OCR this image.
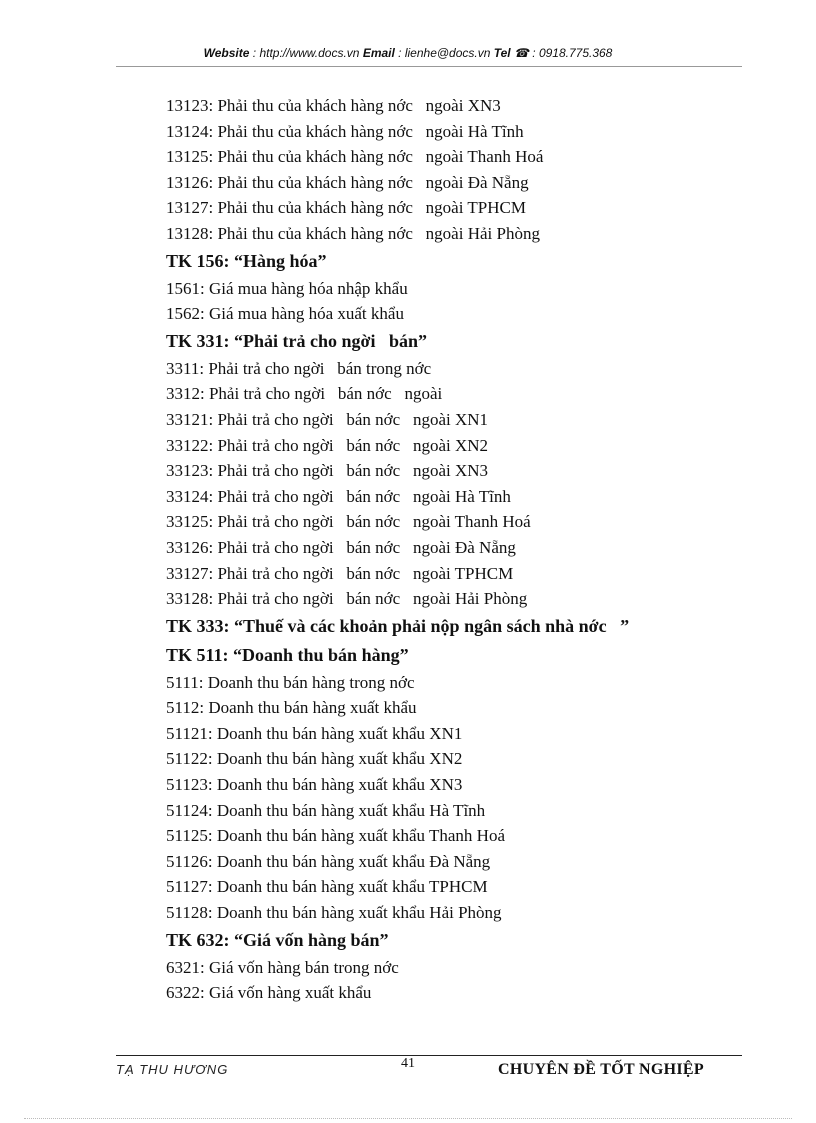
Website : http://www.docs.vn Email : lienhe@docs.vn Tel ☎ : 0918.775.368
13123: Phải thu của khách hàng nớc   ngoài XN3
13124: Phải thu của khách hàng nớc   ngoài Hà Tĩnh
13125: Phải thu của khách hàng nớc   ngoài Thanh Hoá
13126: Phải thu của khách hàng nớc   ngoài Đà Nẵng
13127: Phải thu của khách hàng nớc   ngoài TPHCM
13128: Phải thu của khách hàng nớc   ngoài Hải Phòng
TK 156: “Hàng hóa”
1561: Giá mua hàng hóa nhập khẩu
1562: Giá mua hàng hóa xuất khẩu
TK 331: “Phải trả cho ngời   bán”
3311: Phải trả cho ngời   bán trong nớc
3312: Phải trả cho ngời   bán nớc   ngoài
33121: Phải trả cho ngời   bán nớc   ngoài XN1
33122: Phải trả cho ngời   bán nớc   ngoài XN2
33123: Phải trả cho ngời   bán nớc   ngoài XN3
33124: Phải trả cho ngời   bán nớc   ngoài Hà Tĩnh
33125: Phải trả cho ngời   bán nớc   ngoài Thanh Hoá
33126: Phải trả cho ngời   bán nớc   ngoài Đà Nẵng
33127: Phải trả cho ngời   bán nớc   ngoài TPHCM
33128: Phải trả cho ngời   bán nớc   ngoài Hải Phòng
TK 333: “Thuế và các khoản phải nộp ngân sách nhà nớc   ”
TK 511: “Doanh thu bán hàng”
5111: Doanh thu bán hàng trong nớc
5112: Doanh thu bán hàng xuất khẩu
51121: Doanh thu bán hàng xuất khẩu XN1
51122: Doanh thu bán hàng xuất khẩu XN2
51123: Doanh thu bán hàng xuất khẩu XN3
51124: Doanh thu bán hàng xuất khẩu Hà Tĩnh
51125: Doanh thu bán hàng xuất khẩu Thanh Hoá
51126: Doanh thu bán hàng xuất khẩu Đà Nẵng
51127: Doanh thu bán hàng xuất khẩu TPHCM
51128: Doanh thu bán hàng xuất khẩu Hải Phòng
TK 632: “Giá vốn hàng bán”
6321: Giá vốn hàng bán trong nớc
6322: Giá vốn hàng xuất khẩu
TẠ THU HƯƠNG	41	CHUYÊN ĐỀ TỐT NGHIỆP
